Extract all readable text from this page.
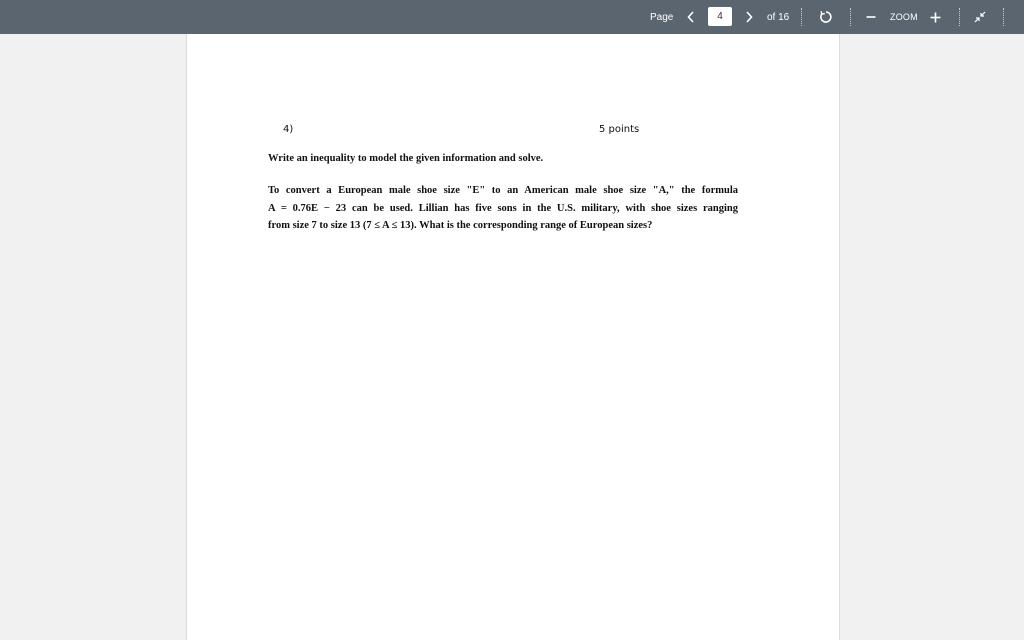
Page
4	of 16	ZOOM
4)	5 points
Write an inequality to model the given information and solve.
To convert a European male shoe size "E" to an American male shoe size "A," the formula
A = 0.76E − 23 can be used. Lillian has five sons in the U.S. military, with shoe sizes ranging
from size 7 to size 13 (7 ≤ A ≤ 13). What is the corresponding range of European sizes?
